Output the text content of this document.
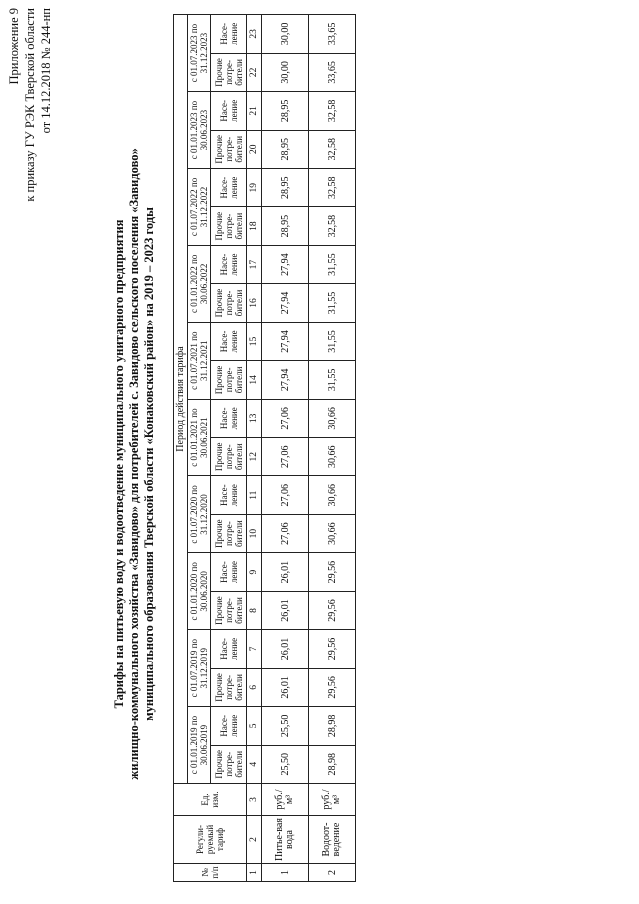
Приложение 9 к приказу ГУ РЭК Тверской области от 14.12.2018 № 244-нп
Тарифы на питьевую воду и водоотведение муниципального унитарного предприятия жилищно-коммунального хозяйства «Завидово» для потребителей с. Завидово сельского поселения «Завидово» муниципального образования Тверской области «Конаковский район» на 2019 – 2023 годы
№ п/п	Регули-руемый тариф	Ед. изм.	Период действия тарифа																			
			с 01.01.2019 по 30.06.2019		с 01.07.2019 по 31.12.2019		с 01.01.2020 по 30.06.2020		с 01.07.2020 по 31.12.2020		с 01.01.2021 по 30.06.2021		с 01.07.2021 по 31.12.2021		с 01.01.2022 по 30.06.2022		с 01.07.2022 по 31.12.2022		с 01.01.2023 по 30.06.2023		с 01.07.2023 по 31.12.2023	
			Прочие потре-бители	Насе-ление	Прочие потре-бители	Насе-ление	Прочие потре-бители	Насе-ление	Прочие потре-бители	Насе-ление	Прочие потре-бители	Насе-ление	Прочие потре-бители	Насе-ление	Прочие потре-бители	Насе-ление	Прочие потре-бители	Насе-ление	Прочие потре-бители	Насе-ление	Прочие потре-бители	Насе-ление
1	2	3	4	5	6	7	8	9	10	11	12	13	14	15	16	17	18	19	20	21	22	23
1	Питье-вая вода	руб./м³	25,50	25,50	26,01	26,01	26,01	26,01	27,06	27,06	27,06	27,06	27,94	27,94	27,94	27,94	28,95	28,95	28,95	28,95	30,00	30,00
2	Водоот-ведение	руб./м³	28,98	28,98	29,56	29,56	29,56	29,56	30,66	30,66	30,66	30,66	31,55	31,55	31,55	31,55	32,58	32,58	32,58	32,58	33,65	33,65
